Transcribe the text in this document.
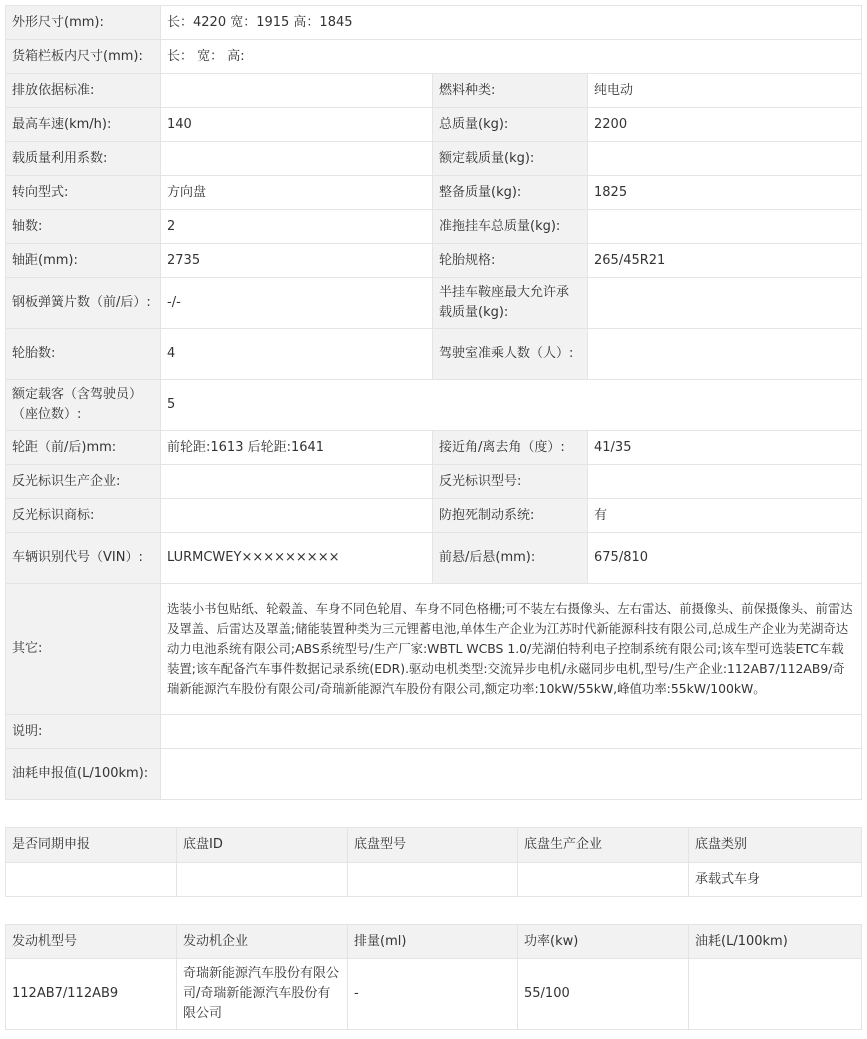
外形尺寸(mm):	长：4220 宽：1915 高：1845		
货箱栏板内尺寸(mm):	长： 宽： 高:		
排放依据标准:		燃料种类:	纯电动
最高车速(km/h):	140	总质量(kg):	2200
载质量利用系数:		额定载质量(kg):	
转向型式:	方向盘	整备质量(kg):	1825
轴数:	2	准拖挂车总质量(kg):	
轴距(mm):	2735	轮胎规格:	265/45R21
钢板弹簧片数（前/后）:	-/-	半挂车鞍座最大允许承载质量(kg):	
轮胎数:	4	驾驶室准乘人数（人）:	
额定载客（含驾驶员）（座位数）:	5		
轮距（前/后)mm:	前轮距:1613 后轮距:1641	接近角/离去角（度）:	41/35
反光标识生产企业:		反光标识型号:	
反光标识商标:		防抱死制动系统:	有
车辆识别代号（VIN）:	LURMCWEY×××××××××	前悬/后悬(mm):	675/810
其它:	选装小书包贴纸、轮毂盖、车身不同色轮眉、车身不同色格栅;可不装左右摄像头、左右雷达、前摄像头、前保摄像头、前雷达及罩盖、后雷达及罩盖;储能装置种类为三元锂蓄电池,单体生产企业为江苏时代新能源科技有限公司,总成生产企业为芜湖奇达动力电池系统有限公司;ABS系统型号/生产厂家:WBTL WCBS 1.0/芜湖伯特利电子控制系统有限公司;该车型可选装ETC车载装置;该车配备汽车事件数据记录系统(EDR).驱动电机类型:交流异步电机/永磁同步电机,型号/生产企业:112AB7/112AB9/奇瑞新能源汽车股份有限公司/奇瑞新能源汽车股份有限公司,额定功率:10kW/55kW,峰值功率:55kW/100kW。		
说明:			
油耗申报值(L/100km):			
是否同期申报	底盘ID	底盘型号	底盘生产企业	底盘类别
				承载式车身
发动机型号	发动机企业	排量(ml)	功率(kw)	油耗(L/100km)
112AB7/112AB9	奇瑞新能源汽车股份有限公司/奇瑞新能源汽车股份有限公司	-	55/100	
